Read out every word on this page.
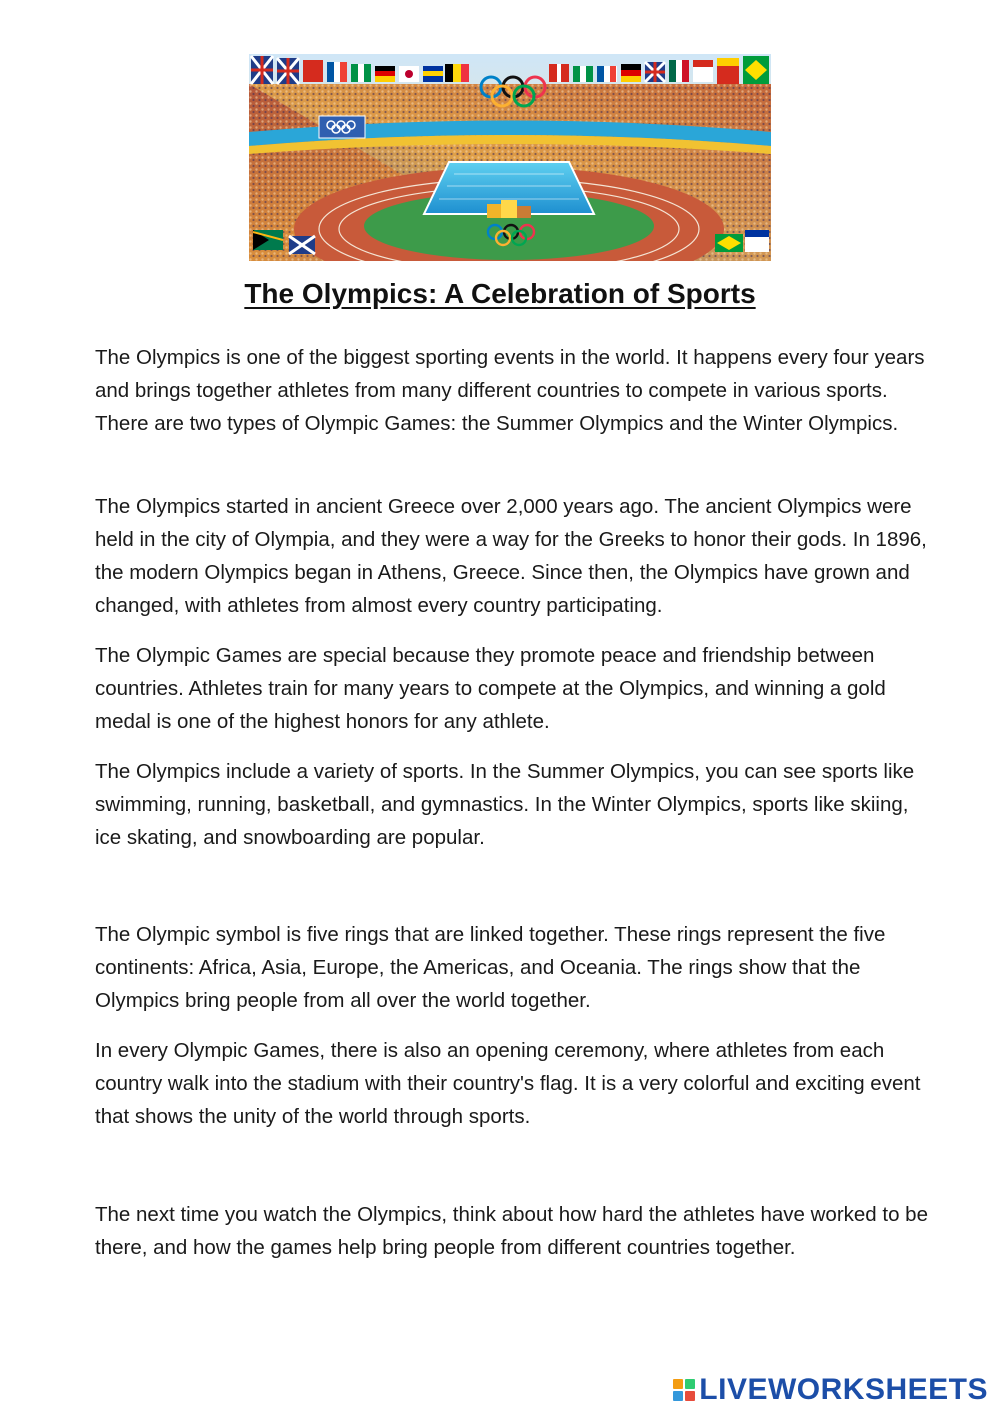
The Olympics: A Celebration of Sports

The Olympics is one of the biggest sporting events in the world. It happens every four years and brings together athletes from many different countries to compete in various sports. There are two types of Olympic Games: the Summer Olympics and the Winter Olympics.

The Olympics started in ancient Greece over 2,000 years ago. The ancient Olympics were held in the city of Olympia, and they were a way for the Greeks to honor their gods. In 1896, the modern Olympics began in Athens, Greece. Since then, the Olympics have grown and changed, with athletes from almost every country participating.

The Olympic Games are special because they promote peace and friendship between countries. Athletes train for many years to compete at the Olympics, and winning a gold medal is one of the highest honors for any athlete.

The Olympics include a variety of sports. In the Summer Olympics, you can see sports like swimming, running, basketball, and gymnastics. In the Winter Olympics, sports like skiing, ice skating, and snowboarding are popular.

The Olympic symbol is five rings that are linked together. These rings represent the five continents: Africa, Asia, Europe, the Americas, and Oceania. The rings show that the Olympics bring people from all over the world together.

In every Olympic Games, there is also an opening ceremony, where athletes from each country walk into the stadium with their country's flag. It is a very colorful and exciting event that shows the unity of the world through sports.

The next time you watch the Olympics, think about how hard the athletes have worked to be there, and how the games help bring people from different countries together.

LIVEWORKSHEETS
